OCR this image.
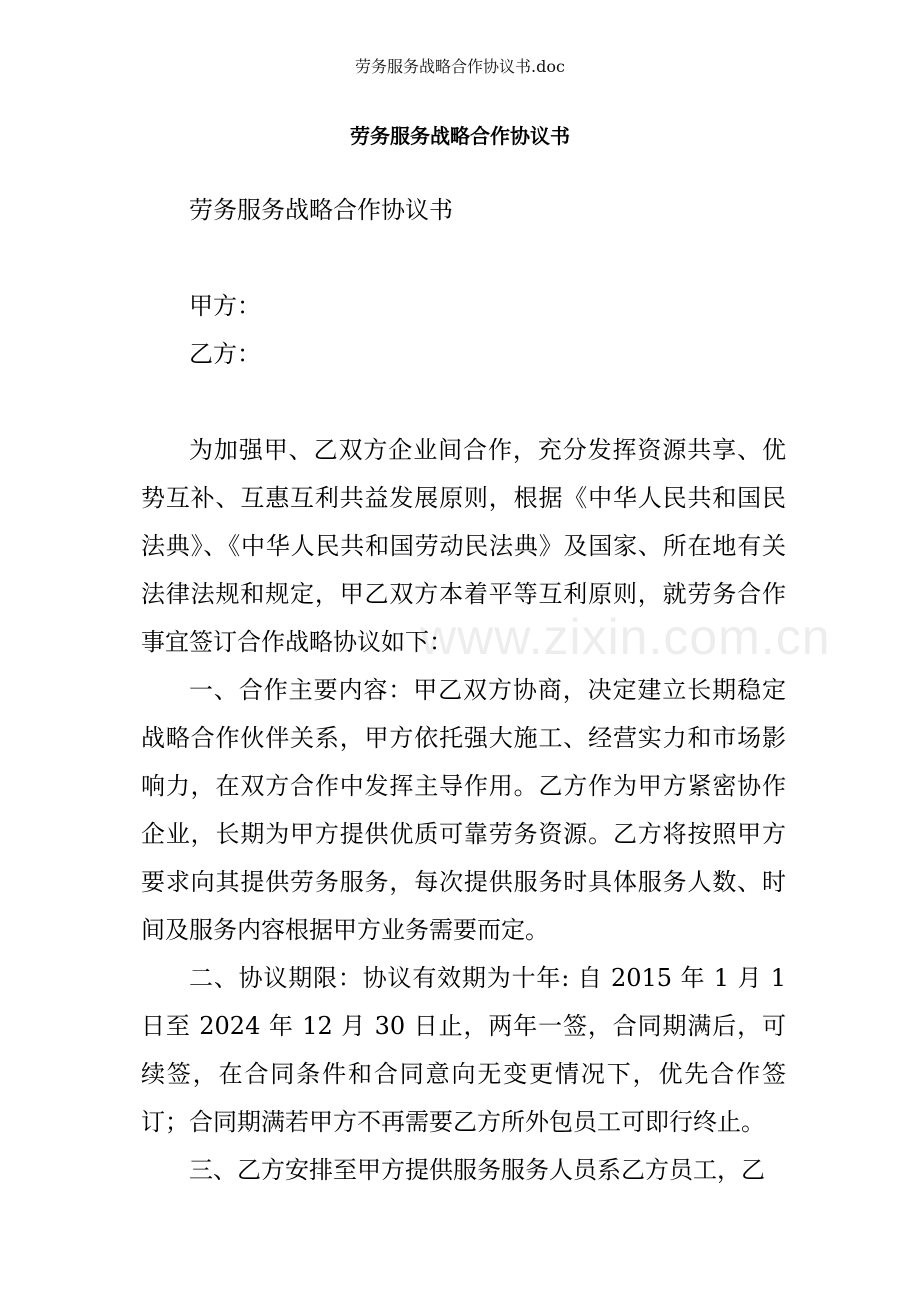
劳务服务战略合作协议书.doc
劳务服务战略合作协议书

劳务服务战略合作协议书

甲方：

乙方：

为加强甲、乙双方企业间合作，充分发挥资源共享、优势互补、互惠互利共益发展原则，根据《中华人民共和国民法典》、《中华人民共和国劳动民法典》及国家、所在地有关法律法规和规定，甲乙双方本着平等互利原则，就劳务合作事宜签订合作战略协议如下：

一、合作主要内容：甲乙双方协商，决定建立长期稳定战略合作伙伴关系，甲方依托强大施工、经营实力和市场影响力，在双方合作中发挥主导作用。乙方作为甲方紧密协作企业，长期为甲方提供优质可靠劳务资源。乙方将按照甲方要求向其提供劳务服务，每次提供服务时具体服务人数、时间及服务内容根据甲方业务需要而定。

二、协议期限：协议有效期为十年: 自 2015 年 1 月 1 日至 2024 年 12 月 30 日止，两年一签，合同期满后，可续签，在合同条件和合同意向无变更情况下，优先合作签订；合同期满若甲方不再需要乙方所外包员工可即行终止。

三、乙方安排至甲方提供服务服务人员系乙方员工，乙

www.zixin.com.cn
